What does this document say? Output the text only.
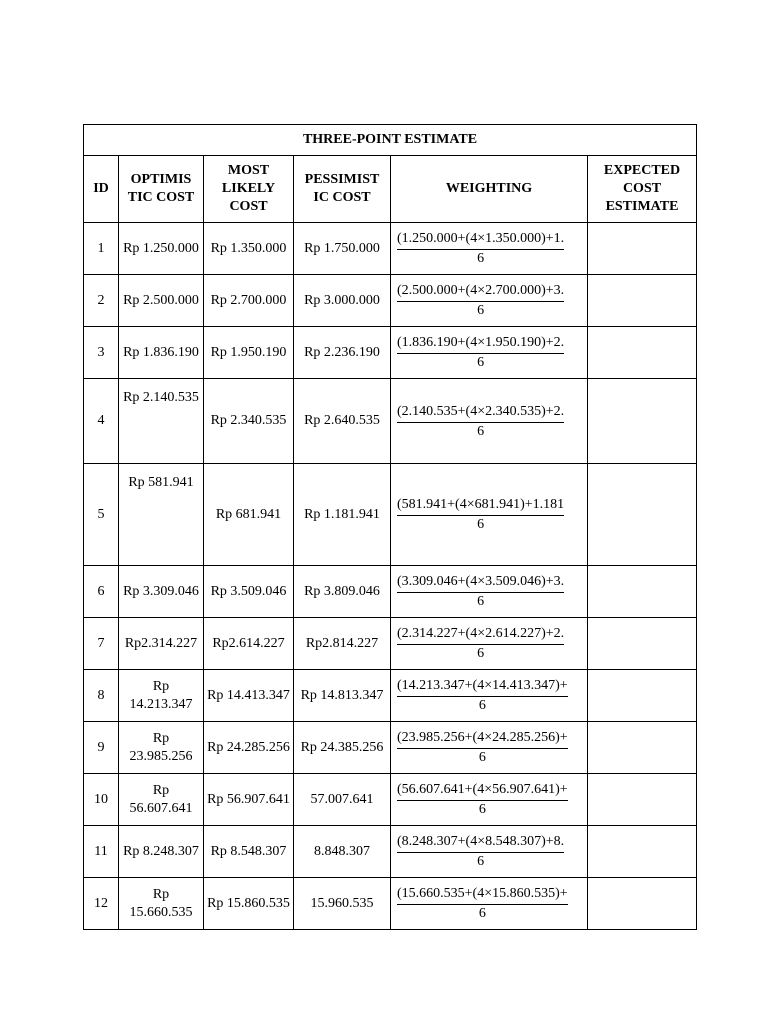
THREE-POINT ESTIMATE					
ID	OPTIMIS TIC COST	MOST LIKELY COST	PESSIMIST IC COST	WEIGHTING	EXPECTED COST ESTIMATE
1	Rp 1.250.000	Rp 1.350.000	Rp 1.750.000	$\frac{(1.250.000+(4\times 1.350.000)+1.}{6}$

2	Rp 2.500.000	Rp 2.700.000	Rp 3.000.000	$\frac{(2.500.000+(4\times 2.700.000)+3.}{6}$

3	Rp 1.836.190	Rp 1.950.190	Rp 2.236.190	$\frac{(1.836.190+(4\times 1.950.190)+2.}{6}$

4	Rp 2.140.535	Rp 2.340.535	Rp 2.640.535	$\frac{(2.140.535+(4\times 2.340.535)+2.}{6}$

5	Rp 581.941	Rp 681.941	Rp 1.181.941	$\frac{(581.941+(4\times 681.941)+1.181}{6}$

6	Rp 3.309.046	Rp 3.509.046	Rp 3.809.046	$\frac{(3.309.046+(4\times 3.509.046)+3.}{6}$

7	Rp2.314.227	Rp2.614.227	Rp2.814.227	$\frac{(2.314.227+(4\times 2.614.227)+2.}{6}$

8	Rp 14.213.347	Rp 14.413.347	Rp 14.813.347	$\frac{(14.213.347+(4\times 14.413.347)+}{6}$

9	Rp 23.985.256	Rp 24.285.256	Rp 24.385.256	$\frac{(23.985.256+(4\times 24.285.256)+}{6}$

10	Rp 56.607.641	Rp 56.907.641	57.007.641	$\frac{(56.607.641+(4\times 56.907.641)+}{6}$

11	Rp 8.248.307	Rp 8.548.307	8.848.307	$\frac{(8.248.307+(4\times 8.548.307)+8.}{6}$

12	Rp 15.660.535	Rp 15.860.535	15.960.535	$\frac{(15.660.535+(4\times 15.860.535)+}{6}$
